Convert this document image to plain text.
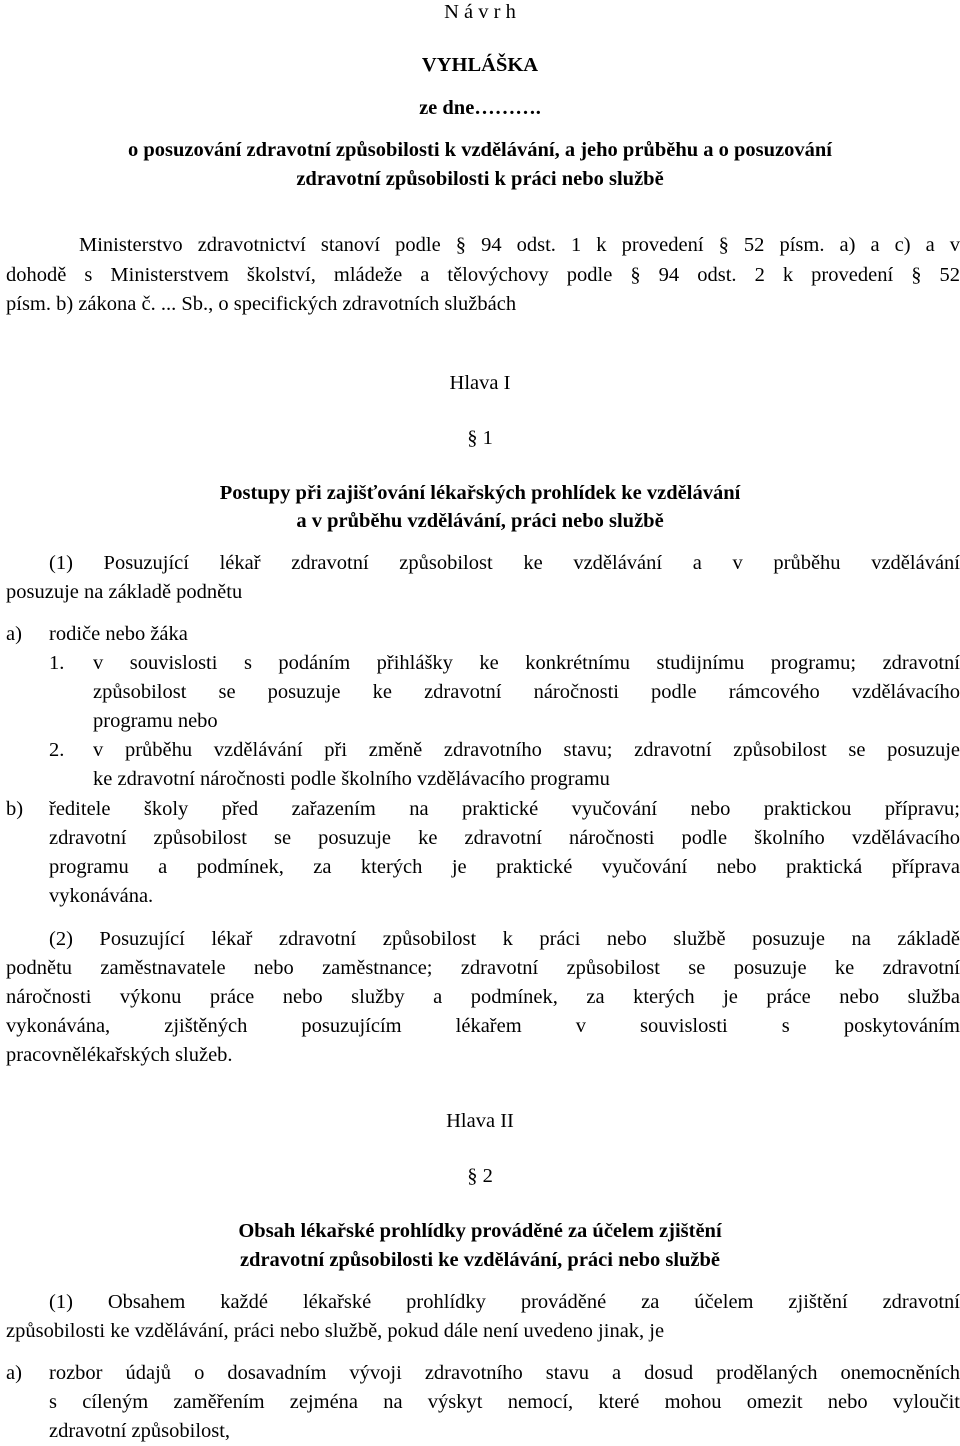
N á v r h
VYHLÁŠKA
ze dne……….
o posuzování zdravotní způsobilosti k vzdělávání, a jeho průběhu a o posuzování
zdravotní způsobilosti k práci nebo službě
Ministerstvo zdravotnictví stanoví podle § 94 odst. 1 k provedení § 52 písm. a) a c) a v
dohodě s Ministerstvem školství, mládeže a tělovýchovy podle § 94 odst. 2 k provedení § 52
písm. b) zákona č. ... Sb., o specifických zdravotních službách
Hlava I
§ 1
Postupy při zajišťování lékařských prohlídek ke vzdělávání
a v průběhu vzdělávání, práci nebo službě
(1) Posuzující lékař zdravotní způsobilost ke vzdělávání a v průběhu vzdělávání
posuzuje na základě podnětu
a) rodiče nebo žáka
1. v souvislosti s podáním přihlášky ke konkrétnímu studijnímu programu; zdravotní
způsobilost se posuzuje ke zdravotní náročnosti podle rámcového vzdělávacího
programu nebo
2. v průběhu vzdělávání při změně zdravotního stavu; zdravotní způsobilost se posuzuje
ke zdravotní náročnosti podle školního vzdělávacího programu
b) ředitele školy před zařazením na praktické vyučování nebo praktickou přípravu;
zdravotní způsobilost se posuzuje ke zdravotní náročnosti podle školního vzdělávacího
programu a podmínek, za kterých je praktické vyučování nebo praktická příprava
vykonávána.
(2) Posuzující lékař zdravotní způsobilost k práci nebo službě posuzuje na základě
podnětu zaměstnavatele nebo zaměstnance; zdravotní způsobilost se posuzuje ke zdravotní
náročnosti výkonu práce nebo služby a podmínek, za kterých je práce nebo služba
vykonávána, zjištěných posuzujícím lékařem v souvislosti s poskytováním
pracovnělékařských služeb.
Hlava II
§ 2
Obsah lékařské prohlídky prováděné za účelem zjištění
zdravotní způsobilosti ke vzdělávání, práci nebo službě
(1) Obsahem každé lékařské prohlídky prováděné za účelem zjištění zdravotní
způsobilosti ke vzdělávání, práci nebo službě, pokud dále není uvedeno jinak, je
a) rozbor údajů o dosavadním vývoji zdravotního stavu a dosud prodělaných onemocněních
s cíleným zaměřením zejména na výskyt nemocí, které mohou omezit nebo vyloučit
zdravotní způsobilost,
